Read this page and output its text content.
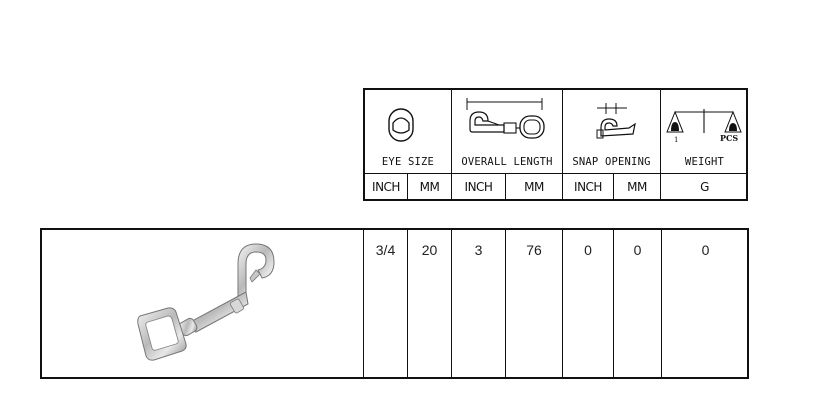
EYE SIZE	OVERALL LENGTH	SNAP OPENING
1	PCS
WEIGHT
INCH	MM	INCH	MM	INCH	MM	G
3/4	20	3	76	0	0	0
